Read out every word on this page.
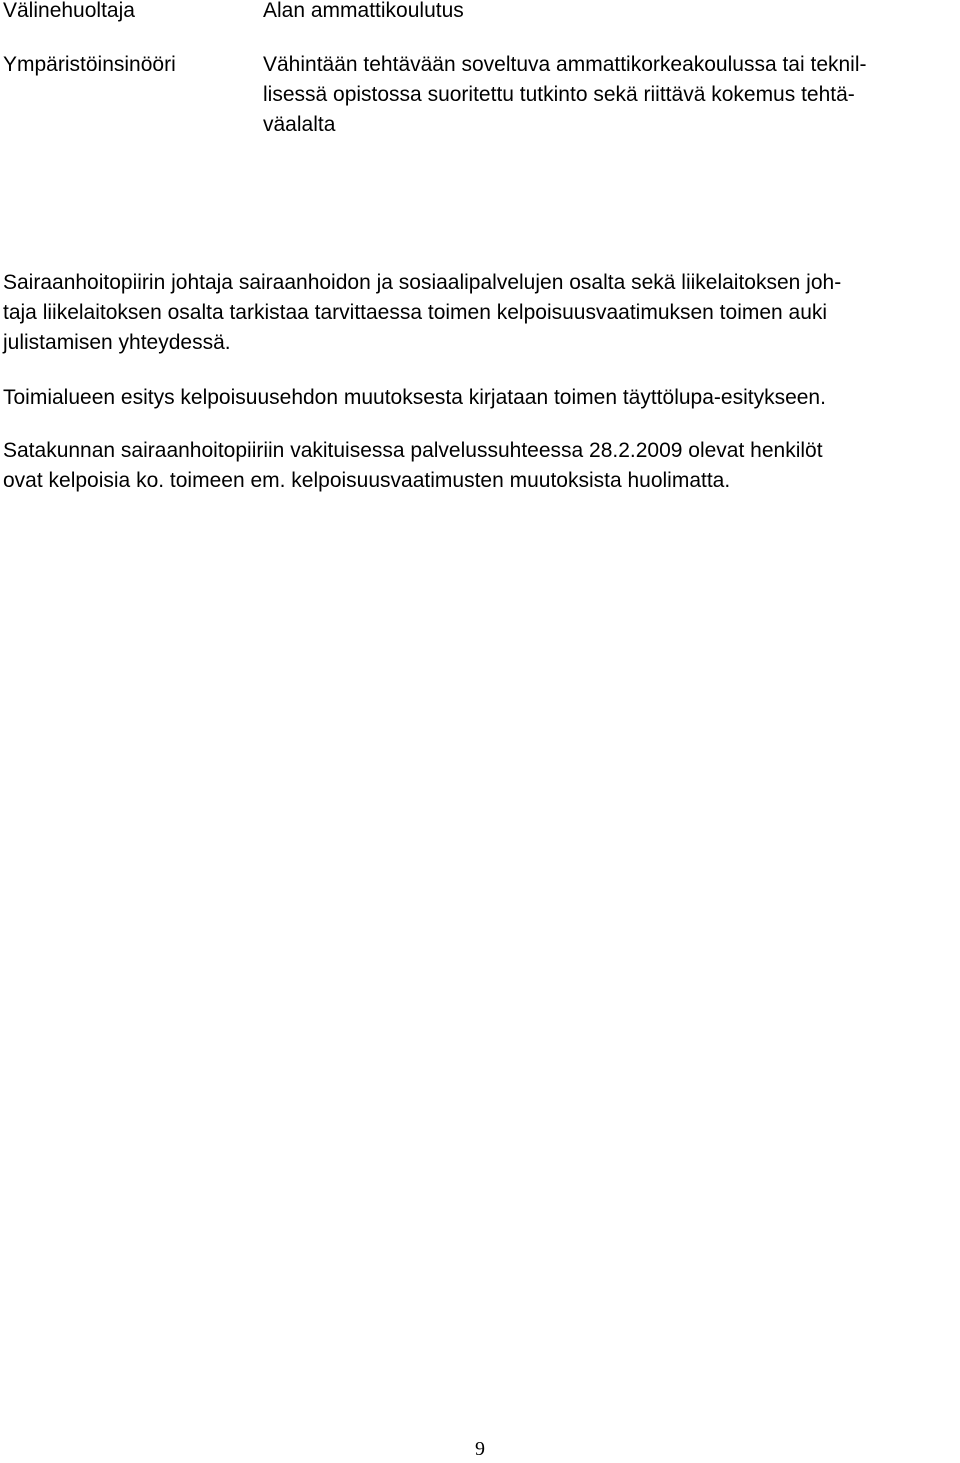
Välinehuoltaja	Alan ammattikoulutus
Ympäristöinsinööri	Vähintään tehtävään soveltuva ammattikorkeakoulussa tai teknil-
lisessä opistossa suoritettu tutkinto sekä riittävä kokemus tehtä-
väalalta
Sairaanhoitopiirin johtaja sairaanhoidon ja sosiaalipalvelujen osalta sekä liikelaitoksen joh-
taja liikelaitoksen osalta tarkistaa tarvittaessa toimen kelpoisuusvaatimuksen toimen auki
julistamisen yhteydessä.
Toimialueen esitys kelpoisuusehdon muutoksesta kirjataan toimen täyttölupa-esitykseen.
Satakunnan sairaanhoitopiiriin vakituisessa palvelussuhteessa 28.2.2009 olevat henkilöt
ovat kelpoisia ko. toimeen em. kelpoisuusvaatimusten muutoksista huolimatta.
9
